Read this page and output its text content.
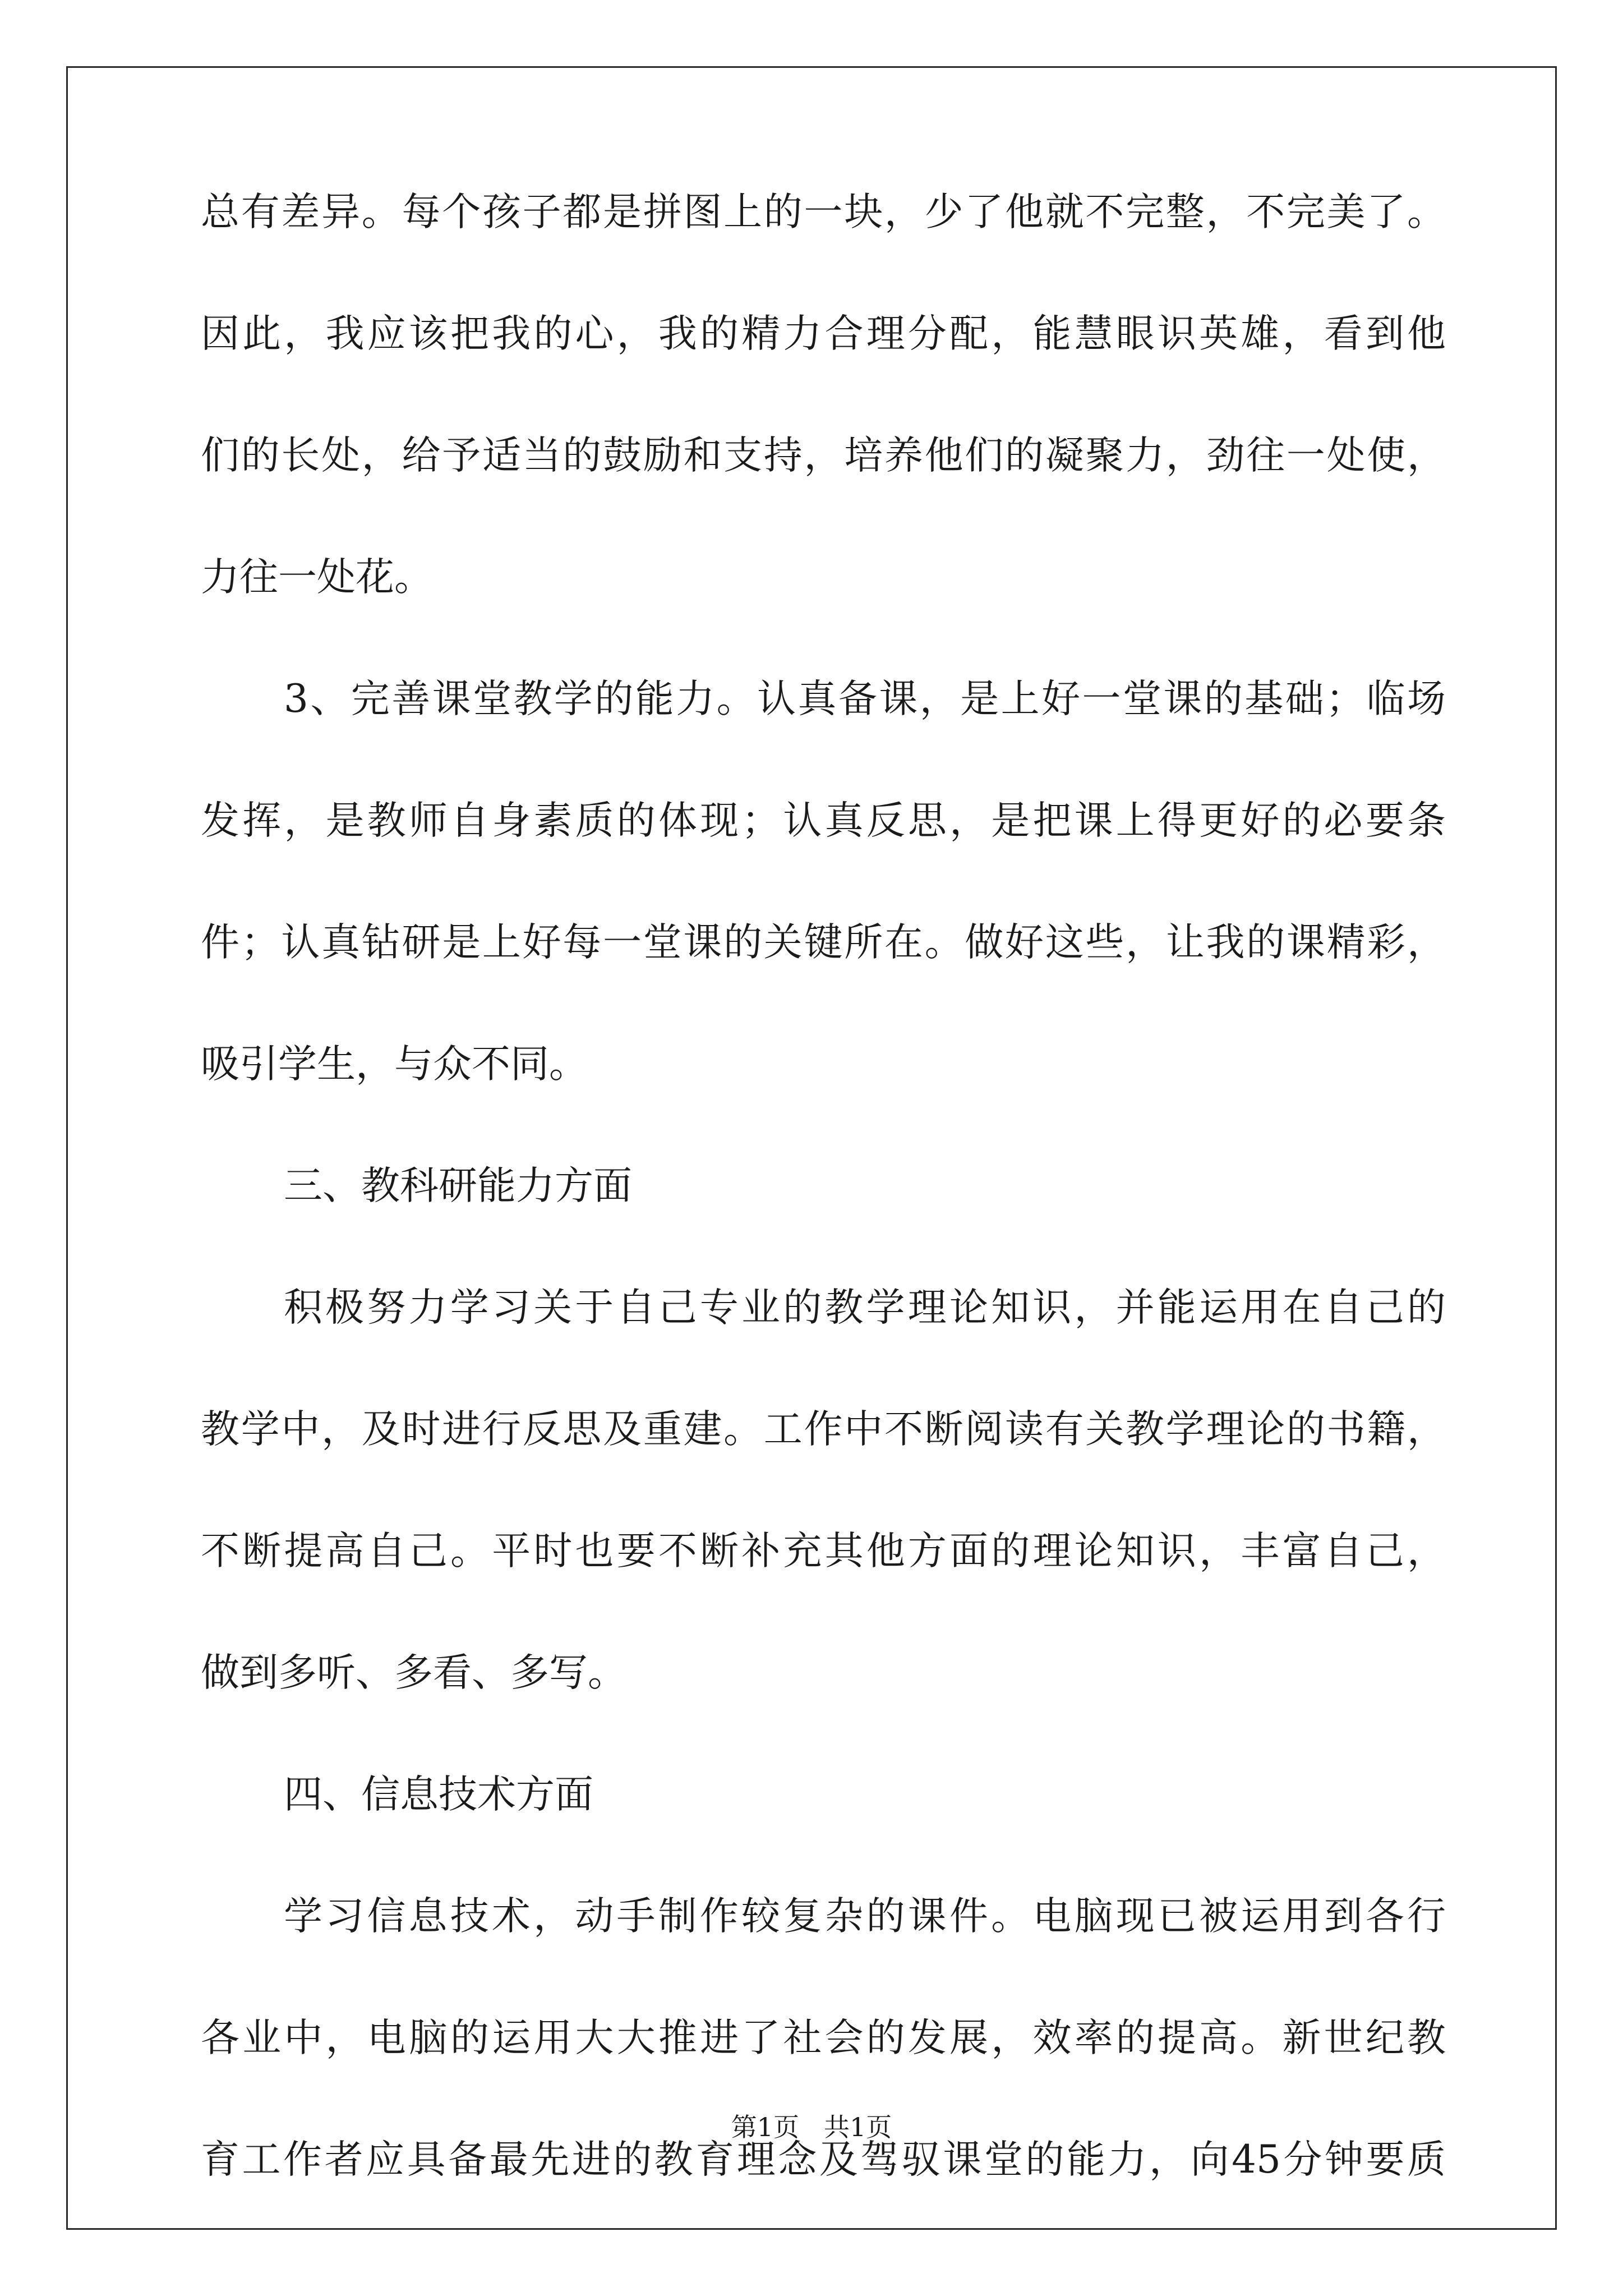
总有差异。每个孩子都是拼图上的一块，少了他就不完整，不完美了。
因此，我应该把我的心，我的精力合理分配，能慧眼识英雄，看到他
们的长处，给予适当的鼓励和支持，培养他们的凝聚力，劲往一处使，
力往一处花。
3、完善课堂教学的能力。认真备课，是上好一堂课的基础；临场
发挥，是教师自身素质的体现；认真反思，是把课上得更好的必要条
件；认真钻研是上好每一堂课的关键所在。做好这些，让我的课精彩，
吸引学生，与众不同。
三、教科研能力方面
积极努力学习关于自己专业的教学理论知识，并能运用在自己的
教学中，及时进行反思及重建。工作中不断阅读有关教学理论的书籍，
不断提高自己。平时也要不断补充其他方面的理论知识，丰富自己，
做到多听、多看、多写。
四、信息技术方面
学习信息技术，动手制作较复杂的课件。电脑现已被运用到各行
各业中，电脑的运用大大推进了社会的发展，效率的提高。新世纪教
育工作者应具备最先进的教育理念及驾驭课堂的能力，向45分钟要质
第1页 共1页
